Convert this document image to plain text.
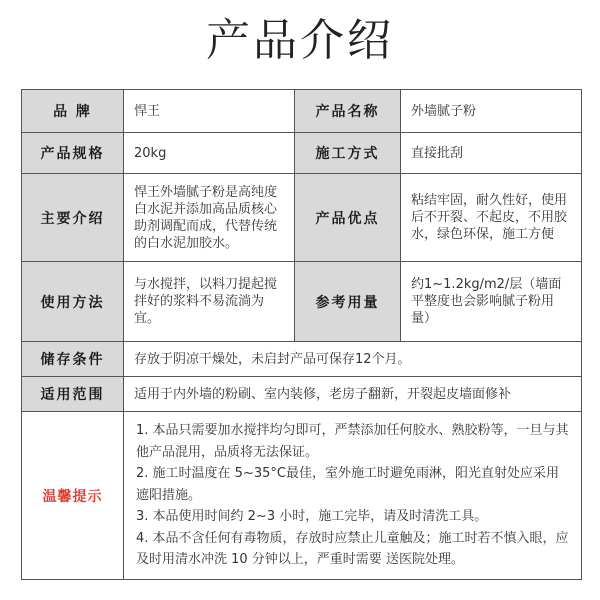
产品介绍
品 牌	悍王	产品名称	外墙腻子粉
产品规格	20kg	施工方式	直接批刮
主要介绍	悍王外墙腻子粉是高纯度白水泥并添加高品质核心助剂调配而成，代替传统的白水泥加胶水。	产品优点	粘结牢固，耐久性好，使用后不开裂、不起皮，不用胶水，绿色环保，施工方便
使用方法	与水搅拌，以料刀提起搅拌好的浆料不易流淌为宜。	参考用量	约1~1.2kg/m2/层（墙面平整度也会影响腻子粉用量）
储存条件	存放于阴凉干燥处，未启封产品可保存12个月。		
适用范围	适用于内外墙的粉刷、室内装修，老房子翻新，开裂起皮墙面修补		
温馨提示	1. 本品只需要加水搅拌均匀即可，严禁添加任何胶水、熟胶粉等，一旦与其他产品混用，品质将无法保证。
2. 施工时温度在 5~35°C最佳，室外施工时避免雨淋，阳光直射处应采用遮阳措施。
3. 本品使用时间约 2~3 小时，施工完毕，请及时清洗工具。
4. 本品不含任何有毒物质，存放时应禁止儿童触及；施工时若不慎入眼，应及时用清水冲洗 10 分钟以上，严重时需要 送医院处理。		
